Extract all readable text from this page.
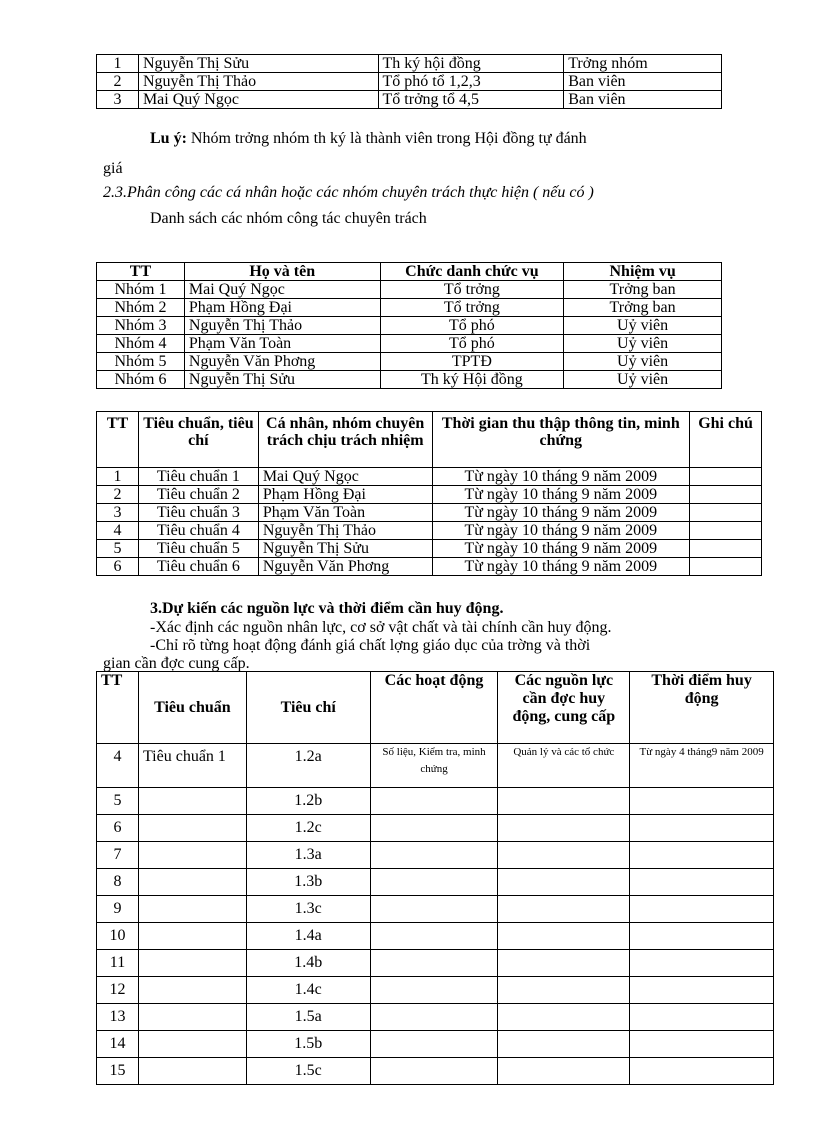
1	Nguyễn Thị Sửu	Th ký hội đồng	Trởng nhóm
2	Nguyễn Thị Thảo	Tổ phó tổ 1,2,3	Ban viên
3	Mai Quý Ngọc	Tổ trởng tổ 4,5	Ban viên
Lu ý: Nhóm trởng nhóm th ký là thành viên trong Hội đồng tự đánh
giá
2.3.Phân công các cá nhân hoặc các nhóm chuyên trách thực hiện ( nếu có )
Danh sách các nhóm công tác chuyên trách
TT	Họ và tên	Chức danh chức vụ	Nhiệm vụ
Nhóm 1	Mai Quý Ngọc	Tổ trởng	Trởng ban
Nhóm 2	Phạm Hồng Đại	Tổ trởng	Trởng ban
Nhóm 3	Nguyễn Thị Thảo	Tổ phó	Uỷ viên
Nhóm 4	Phạm Văn Toàn	Tổ phó	Uỷ viên
Nhóm 5	Nguyễn Văn Phơng	TPTĐ	Uỷ viên
Nhóm 6	Nguyễn Thị Sửu	Th ký Hội đồng	Uỷ viên
TT	Tiêu chuẩn, tiêu chí	Cá nhân, nhóm chuyên trách chịu trách nhiệm	Thời gian thu thập thông tin, minh chứng	Ghi chú
1	Tiêu chuẩn 1	Mai Quý Ngọc	Từ ngày 10 tháng 9 năm 2009	
2	Tiêu chuẩn 2	Phạm Hồng Đại	Từ ngày 10 tháng 9 năm 2009	
3	Tiêu chuẩn 3	Phạm Văn Toàn	Từ ngày 10 tháng 9 năm 2009	
4	Tiêu chuẩn 4	Nguyễn Thị Thảo	Từ ngày 10 tháng 9 năm 2009	
5	Tiêu chuẩn 5	Nguyễn Thị Sửu	Từ ngày 10 tháng 9 năm 2009	
6	Tiêu chuẩn 6	Nguyễn Văn Phơng	Từ ngày 10 tháng 9 năm 2009	
3.Dự kiến các nguồn lực và thời điểm cần huy động.
-Xác định các nguồn nhân lực, cơ sở vật chất và tài chính cần huy động.
-Chỉ rõ từng hoạt động đánh giá chất lợng giáo dục của trờng và thời
gian cần đợc cung cấp.
TT	Tiêu chuẩn	Tiêu chí	Các hoạt động	Các nguồn lực cần đợc huy động, cung cấp	Thời điểm huy động
4	Tiêu chuẩn 1	1.2a	Số liệu, Kiểm tra, minh chứng	Quản lý và các tổ chức	Từ ngày 4 tháng9 năm 2009
5		1.2b			
6		1.2c			
7		1.3a			
8		1.3b			
9		1.3c			
10		1.4a			
11		1.4b			
12		1.4c			
13		1.5a			
14		1.5b			
15		1.5c			
